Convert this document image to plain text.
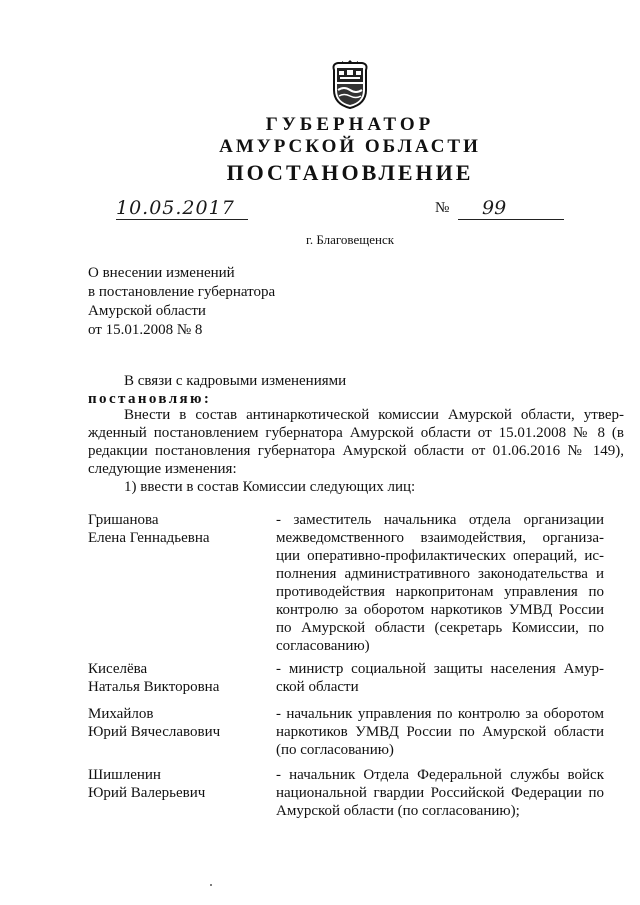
ГУБЕРНАТОР
АМУРСКОЙ ОБЛАСТИ
ПОСТАНОВЛЕНИЕ
10.05.2017	№	99
г. Благовещенск
О внесении изменений
в постановление губернатора
Амурской области
от 15.01.2008 № 8
В связи с кадровыми изменениями
постановляю:
Внести в состав антинаркотической комиссии Амурской области, утвер-
жденный постановлением губернатора Амурской области от 15.01.2008 № 8 (в
редакции постановления губернатора Амурской области от 01.06.2016 № 149),
следующие изменения:
1) ввести в состав Комиссии следующих лиц:
Гришанова
Елена Геннадьевна
- заместитель начальника отдела организации
межведомственного взаимодействия, организа-
ции оперативно-профилактических операций, ис-
полнения административного законодательства и
противодействия наркопритонам управления по
контролю за оборотом наркотиков УМВД России
по Амурской области (секретарь Комиссии, по
согласованию)
Киселёва
Наталья Викторовна
- министр социальной защиты населения Амур-
ской области
Михайлов
Юрий Вячеславович
- начальник управления по контролю за оборотом
наркотиков УМВД России по Амурской области
(по согласованию)
Шишленин
Юрий Валерьевич
- начальник Отдела Федеральной службы войск
национальной гвардии Российской Федерации по
Амурской области (по согласованию);
